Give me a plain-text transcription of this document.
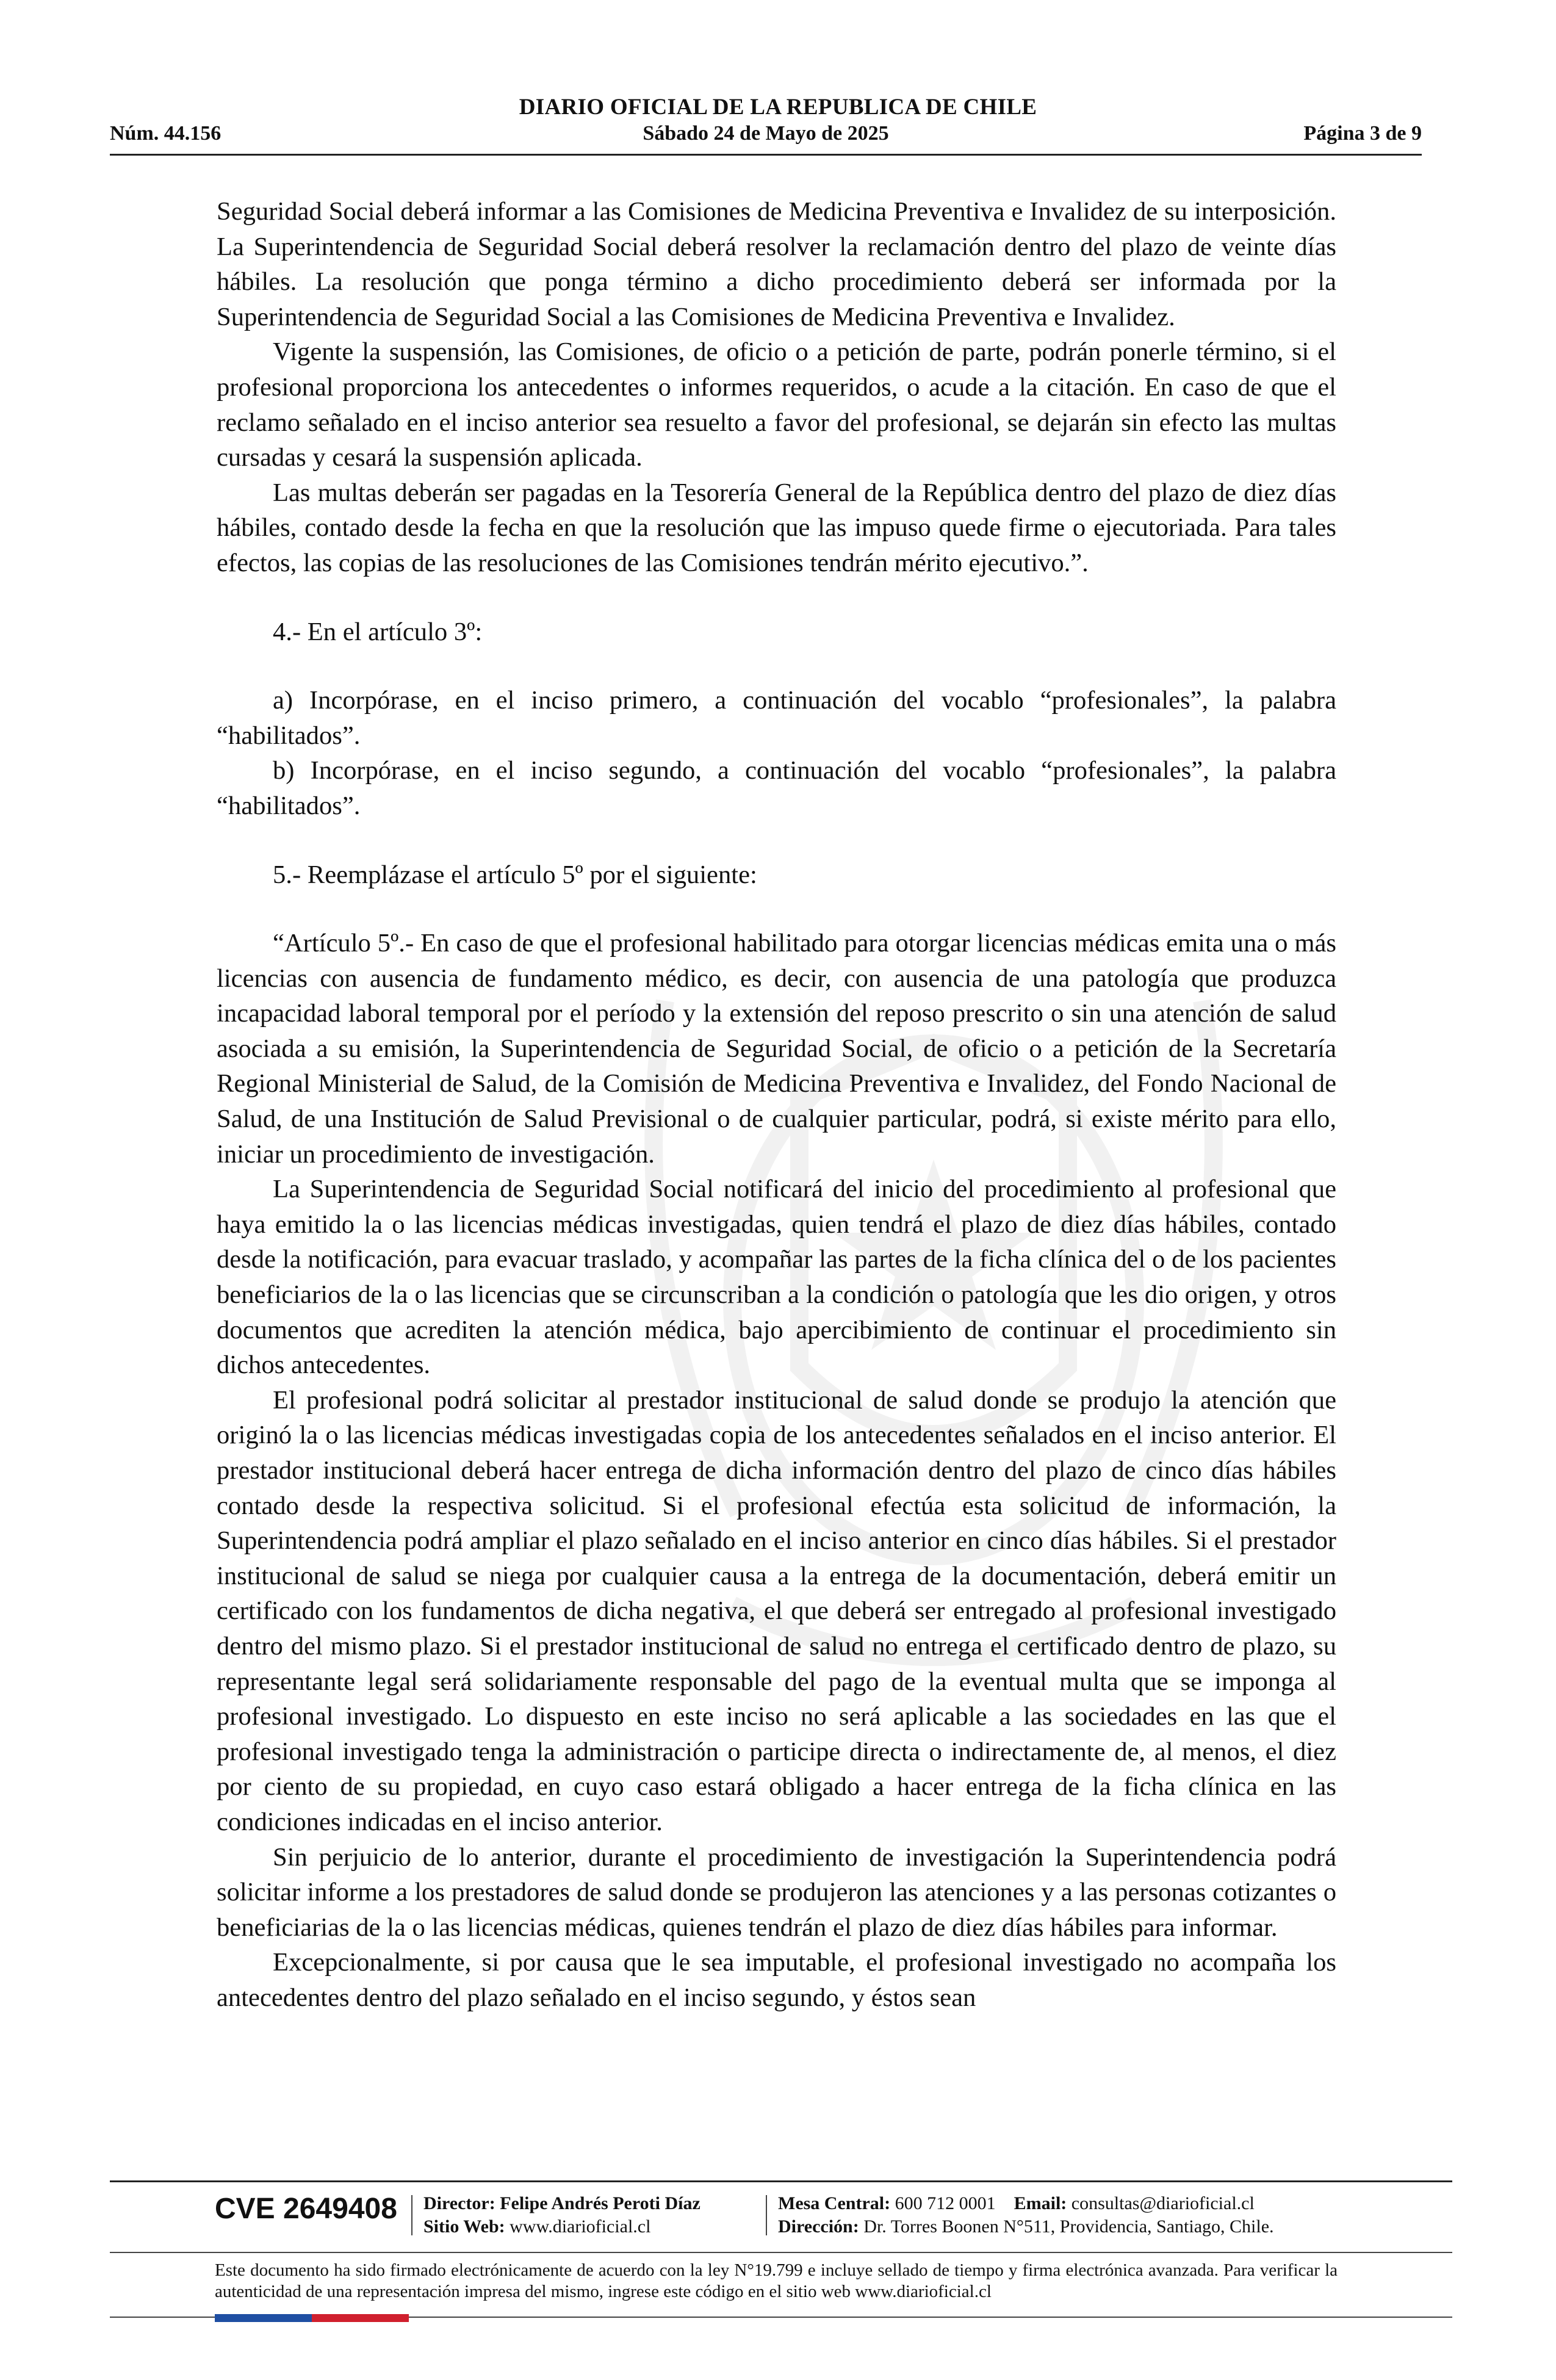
DIARIO OFICIAL DE LA REPUBLICA DE CHILE
Núm. 44.156	Sábado 24 de Mayo de 2025	Página 3 de 9

Seguridad Social deberá informar a las Comisiones de Medicina Preventiva e Invalidez de su interposición. La Superintendencia de Seguridad Social deberá resolver la reclamación dentro del plazo de veinte días hábiles. La resolución que ponga término a dicho procedimiento deberá ser informada por la Superintendencia de Seguridad Social a las Comisiones de Medicina Preventiva e Invalidez.

Vigente la suspensión, las Comisiones, de oficio o a petición de parte, podrán ponerle término, si el profesional proporciona los antecedentes o informes requeridos, o acude a la citación. En caso de que el reclamo señalado en el inciso anterior sea resuelto a favor del profesional, se dejarán sin efecto las multas cursadas y cesará la suspensión aplicada.

Las multas deberán ser pagadas en la Tesorería General de la República dentro del plazo de diez días hábiles, contado desde la fecha en que la resolución que las impuso quede firme o ejecutoriada. Para tales efectos, las copias de las resoluciones de las Comisiones tendrán mérito ejecutivo.”.

4.- En el artículo 3º:

a) Incorpórase, en el inciso primero, a continuación del vocablo “profesionales”, la palabra “habilitados”.

b) Incorpórase, en el inciso segundo, a continuación del vocablo “profesionales”, la palabra “habilitados”.

5.- Reemplázase el artículo 5º por el siguiente:

“Artículo 5º.- En caso de que el profesional habilitado para otorgar licencias médicas emita una o más licencias con ausencia de fundamento médico, es decir, con ausencia de una patología que produzca incapacidad laboral temporal por el período y la extensión del reposo prescrito o sin una atención de salud asociada a su emisión, la Superintendencia de Seguridad Social, de oficio o a petición de la Secretaría Regional Ministerial de Salud, de la Comisión de Medicina Preventiva e Invalidez, del Fondo Nacional de Salud, de una Institución de Salud Previsional o de cualquier particular, podrá, si existe mérito para ello, iniciar un procedimiento de investigación.

La Superintendencia de Seguridad Social notificará del inicio del procedimiento al profesional que haya emitido la o las licencias médicas investigadas, quien tendrá el plazo de diez días hábiles, contado desde la notificación, para evacuar traslado, y acompañar las partes de la ficha clínica del o de los pacientes beneficiarios de la o las licencias que se circunscriban a la condición o patología que les dio origen, y otros documentos que acrediten la atención médica, bajo apercibimiento de continuar el procedimiento sin dichos antecedentes.

El profesional podrá solicitar al prestador institucional de salud donde se produjo la atención que originó la o las licencias médicas investigadas copia de los antecedentes señalados en el inciso anterior. El prestador institucional deberá hacer entrega de dicha información dentro del plazo de cinco días hábiles contado desde la respectiva solicitud. Si el profesional efectúa esta solicitud de información, la Superintendencia podrá ampliar el plazo señalado en el inciso anterior en cinco días hábiles. Si el prestador institucional de salud se niega por cualquier causa a la entrega de la documentación, deberá emitir un certificado con los fundamentos de dicha negativa, el que deberá ser entregado al profesional investigado dentro del mismo plazo. Si el prestador institucional de salud no entrega el certificado dentro de plazo, su representante legal será solidariamente responsable del pago de la eventual multa que se imponga al profesional investigado. Lo dispuesto en este inciso no será aplicable a las sociedades en las que el profesional investigado tenga la administración o participe directa o indirectamente de, al menos, el diez por ciento de su propiedad, en cuyo caso estará obligado a hacer entrega de la ficha clínica en las condiciones indicadas en el inciso anterior.

Sin perjuicio de lo anterior, durante el procedimiento de investigación la Superintendencia podrá solicitar informe a los prestadores de salud donde se produjeron las atenciones y a las personas cotizantes o beneficiarias de la o las licencias médicas, quienes tendrán el plazo de diez días hábiles para informar.

Excepcionalmente, si por causa que le sea imputable, el profesional investigado no acompaña los antecedentes dentro del plazo señalado en el inciso segundo, y éstos sean

CVE 2649408 Director: Felipe Andrés Peroti Díaz
Sitio Web: www.diarioficial.cl
Mesa Central: 600 712 0001 Email: consultas@diarioficial.cl
Dirección: Dr. Torres Boonen N°511, Providencia, Santiago, Chile.
Este documento ha sido firmado electrónicamente de acuerdo con la ley N°19.799 e incluye sellado de tiempo y firma electrónica avanzada. Para verificar la autenticidad de una representación impresa del mismo, ingrese este código en el sitio web www.diarioficial.cl
